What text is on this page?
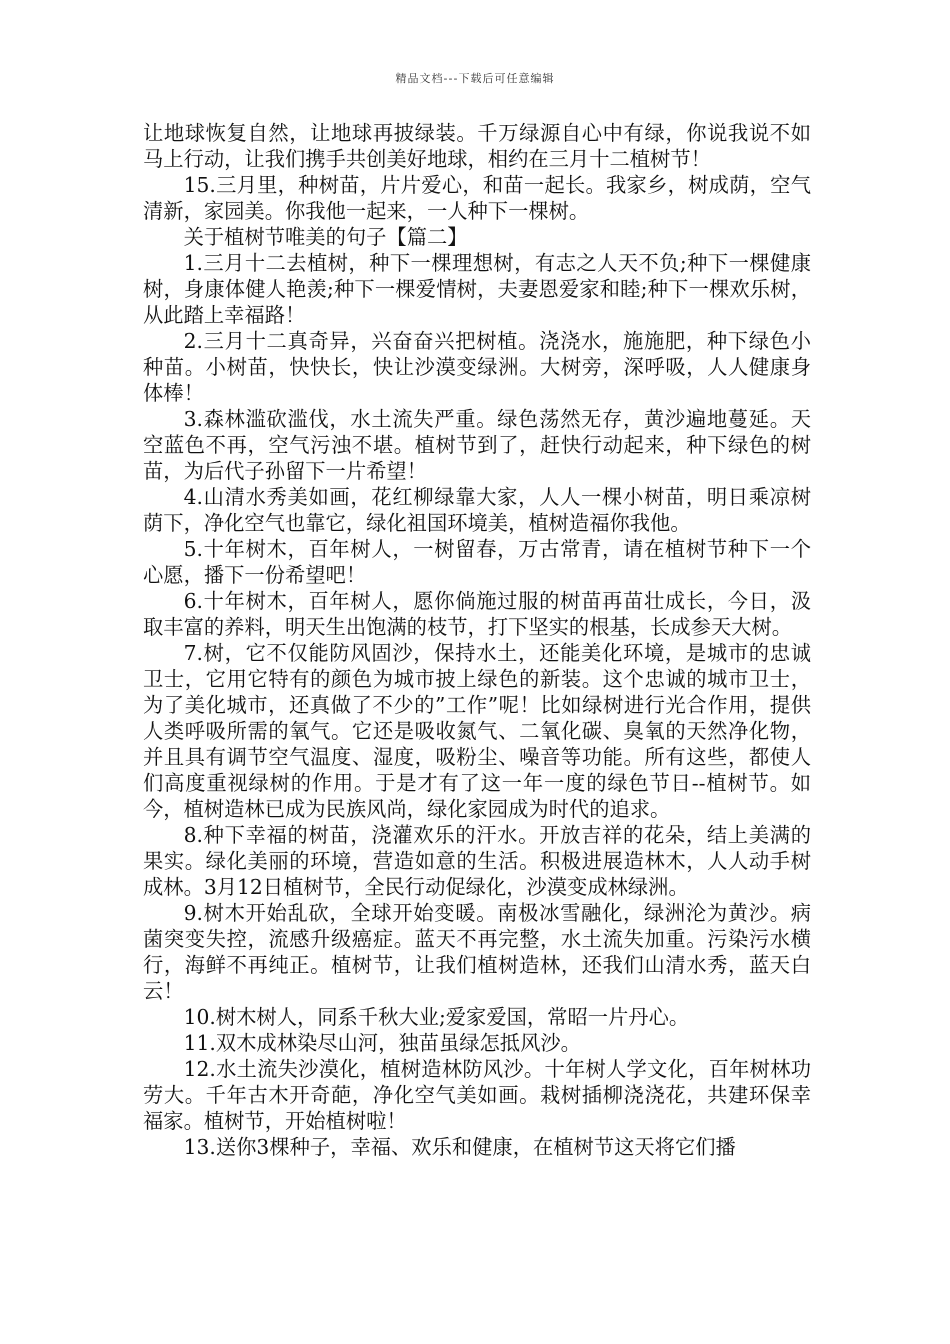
精品文档---下载后可任意编辑

让地球恢复自然，让地球再披绿装。千万绿源自心中有绿，你说我说不如马上行动，让我们携手共创美好地球，相约在三月十二植树节！

15.三月里，种树苗，片片爱心，和苗一起长。我家乡，树成荫，空气清新，家园美。你我他一起来，一人种下一棵树。

关于植树节唯美的句子【篇二】

1.三月十二去植树，种下一棵理想树，有志之人天不负;种下一棵健康树，身康体健人艳羡;种下一棵爱情树，夫妻恩爱家和睦;种下一棵欢乐树，从此踏上幸福路！

2.三月十二真奇异，兴奋奋兴把树植。浇浇水，施施肥，种下绿色小种苗。小树苗，快快长，快让沙漠变绿洲。大树旁，深呼吸，人人健康身体棒！

3.森林滥砍滥伐，水土流失严重。绿色荡然无存，黄沙遍地蔓延。天空蓝色不再，空气污浊不堪。植树节到了，赶快行动起来，种下绿色的树苗，为后代子孙留下一片希望！

4.山清水秀美如画，花红柳绿靠大家，人人一棵小树苗，明日乘凉树荫下，净化空气也靠它，绿化祖国环境美，植树造福你我他。

5.十年树木，百年树人，一树留春，万古常青，请在植树节种下一个心愿，播下一份希望吧！

6.十年树木，百年树人，愿你倘施过服的树苗再苗壮成长，今日，汲取丰富的养料，明天生出饱满的枝节，打下坚实的根基，长成参天大树。

7.树，它不仅能防风固沙，保持水土，还能美化环境，是城市的忠诚卫士，它用它特有的颜色为城市披上绿色的新装。这个忠诚的城市卫士，为了美化城市，还真做了不少的”工作”呢！比如绿树进行光合作用，提供人类呼吸所需的氧气。它还是吸收氮气、二氧化碳、臭氧的天然净化物，并且具有调节空气温度、湿度，吸粉尘、噪音等功能。所有这些，都使人们高度重视绿树的作用。于是才有了这一年一度的绿色节日--植树节。如今，植树造林已成为民族风尚，绿化家园成为时代的追求。

8.种下幸福的树苗，浇灌欢乐的汗水。开放吉祥的花朵，结上美满的果实。绿化美丽的环境，营造如意的生活。积极进展造林木，人人动手树成林。3月12日植树节，全民行动促绿化，沙漠变成林绿洲。

9.树木开始乱砍，全球开始变暖。南极冰雪融化，绿洲沦为黄沙。病菌突变失控，流感升级癌症。蓝天不再完整，水土流失加重。污染污水横行，海鲜不再纯正。植树节，让我们植树造林，还我们山清水秀，蓝天白云！

10.树木树人，同系千秋大业;爱家爱国，常昭一片丹心。

11.双木成林染尽山河，独苗虽绿怎抵风沙。

12.水土流失沙漠化，植树造林防风沙。十年树人学文化，百年树林功劳大。千年古木开奇葩，净化空气美如画。栽树插柳浇浇花，共建环保幸福家。植树节，开始植树啦！

13.送你3棵种子，幸福、欢乐和健康，在植树节这天将它们播
